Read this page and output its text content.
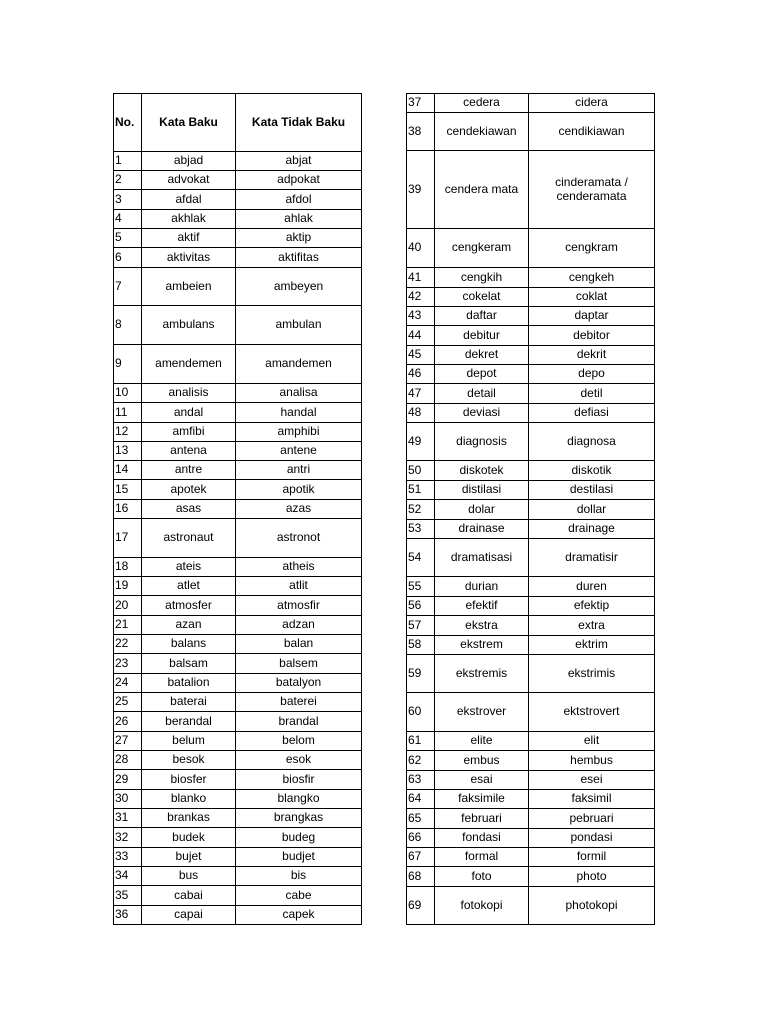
No.	Kata Baku	Kata Tidak Baku
1	abjad	abjat
2	advokat	adpokat
3	afdal	afdol
4	akhlak	ahlak
5	aktif	aktip
6	aktivitas	aktifitas
7	ambeien	ambeyen
8	ambulans	ambulan
9	amendemen	amandemen
10	analisis	analisa
11	andal	handal
12	amfibi	amphibi
13	antena	antene
14	antre	antri
15	apotek	apotik
16	asas	azas
17	astronaut	astronot
18	ateis	atheis
19	atlet	atlit
20	atmosfer	atmosfir
21	azan	adzan
22	balans	balan
23	balsam	balsem
24	batalion	batalyon
25	baterai	baterei
26	berandal	brandal
27	belum	belom
28	besok	esok
29	biosfer	biosfir
30	blanko	blangko
31	brankas	brangkas
32	budek	budeg
33	bujet	budjet
34	bus	bis
35	cabai	cabe
36	capai	capek
37	cedera	cidera
38	cendekiawan	cendikiawan
39	cendera mata	cinderamata / cenderamata
40	cengkeram	cengkram
41	cengkih	cengkeh
42	cokelat	coklat
43	daftar	daptar
44	debitur	debitor
45	dekret	dekrit
46	depot	depo
47	detail	detil
48	deviasi	defiasi
49	diagnosis	diagnosa
50	diskotek	diskotik
51	distilasi	destilasi
52	dolar	dollar
53	drainase	drainage
54	dramatisasi	dramatisir
55	durian	duren
56	efektif	efektip
57	ekstra	extra
58	ekstrem	ektrim
59	ekstremis	ekstrimis
60	ekstrover	ektstrovert
61	elite	elit
62	embus	hembus
63	esai	esei
64	faksimile	faksimil
65	februari	pebruari
66	fondasi	pondasi
67	formal	formil
68	foto	photo
69	fotokopi	photokopi
